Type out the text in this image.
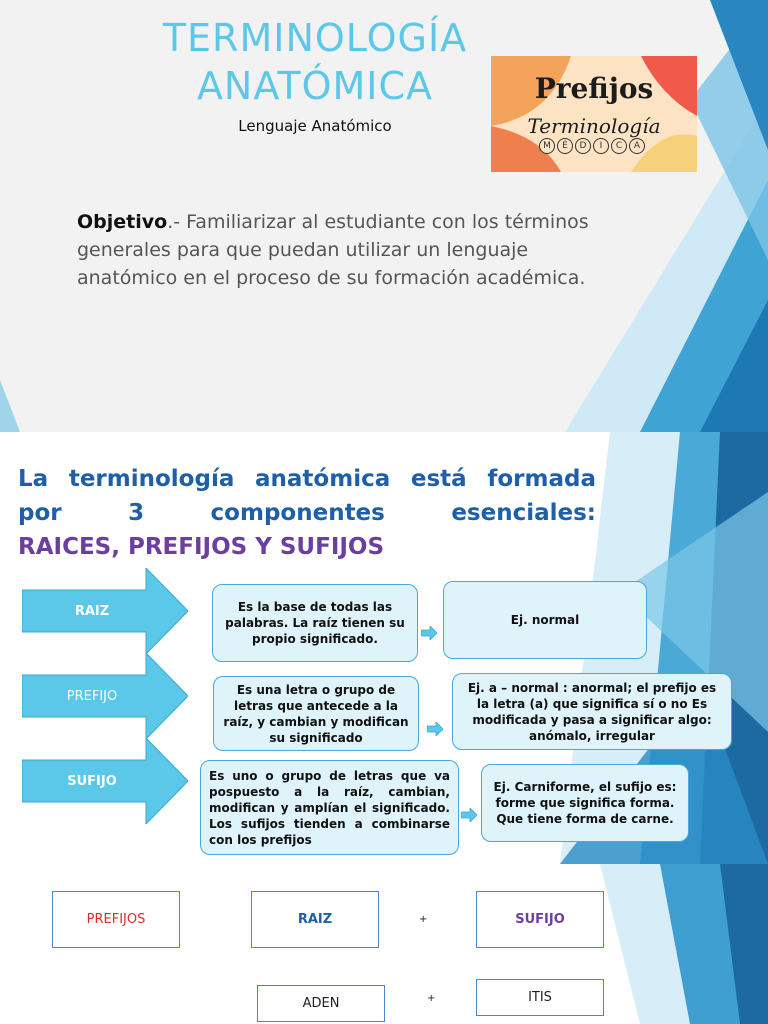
TERMINOLOGÍA
ANATÓMICA
Lenguaje Anatómico
Prefijos
Terminología
M	É	D	I	C	A
Objetivo.- Familiarizar al estudiante con los términos generales para que puedan utilizar un lenguaje anatómico en el proceso de su formación académica.
La terminología anatómica está formada por 3 componentes esenciales:
RAICES, PREFIJOS Y SUFIJOS
RAIZ	Es la base de todas las palabras. La raíz tienen su propio significado.
Ej. normal
PREFIJO	Es una letra o grupo de letras que antecede a la raíz, y cambian y modifican su significado
Ej. a – normal : anormal; el prefijo es la letra (a) que significa sí o no Es modificada y pasa a significar algo: anómalo, irregular
SUFIJO	Es uno o grupo de letras que va pospuesto a la raíz, cambian, modifican y amplían el significado. Los sufijos tienden a combinarse con los prefijos
Ej. Carniforme, el sufijo es: forme que significa forma. Que tiene forma de carne.
PREFIJOS	RAIZ	+	SUFIJO
ADEN	+	ITIS
